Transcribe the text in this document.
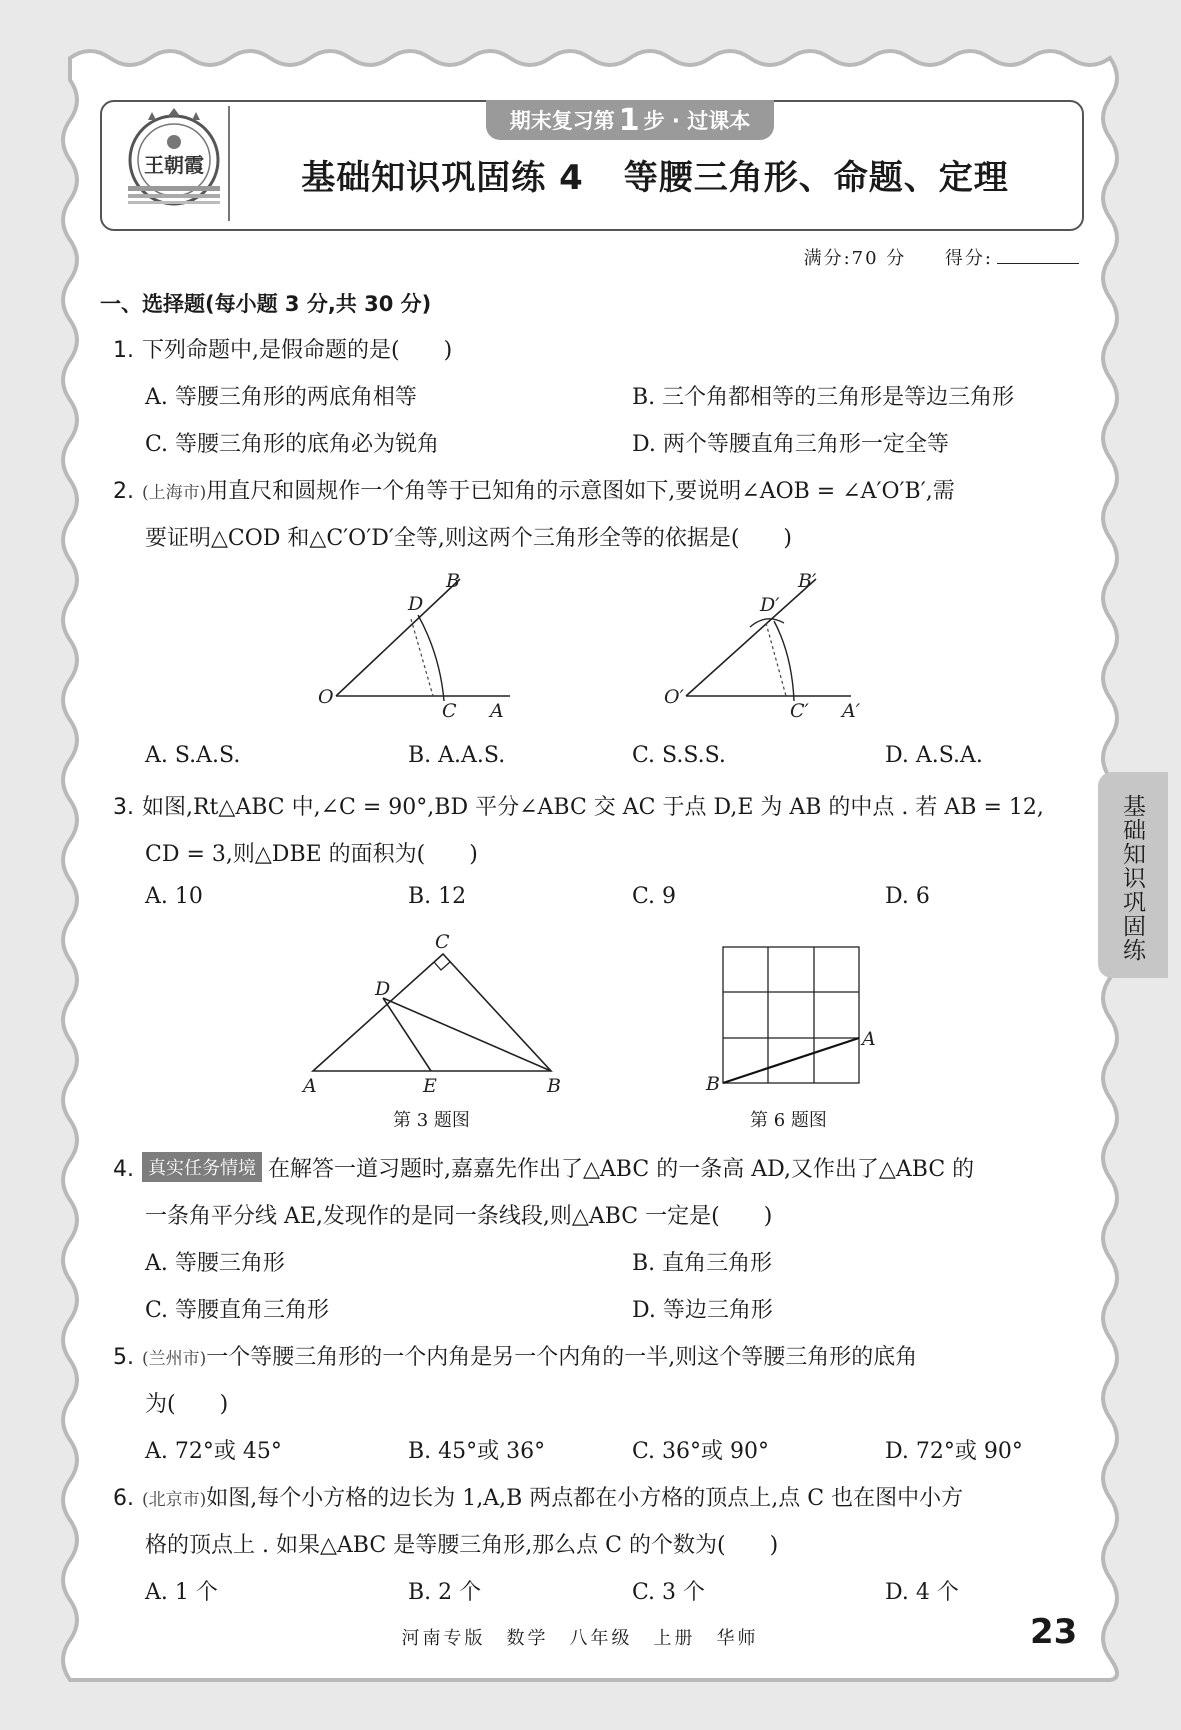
王朝霞
期末复习第 1 步 · 过课本
基础知识巩固练 4 等腰三角形、命题、定理
满分:70 分 得分:
一、选择题(每小题 3 分,共 30 分)
1. 下列命题中,是假命题的是(　　)
A. 等腰三角形的两底角相等	B. 三个角都相等的三角形是等边三角形
C. 等腰三角形的底角必为锐角	D. 两个等腰直角三角形一定全等
2. (上海市)用直尺和圆规作一个角等于已知角的示意图如下,要说明∠AOB = ∠A′O′B′,需
要证明△COD 和△C′O′D′全等,则这两个三角形全等的依据是(　　)
B
D
O
C A
B′
D′
O′
C′ A′
A. S.A.S.	B. A.A.S.	C. S.S.S.	D. A.S.A.
3. 如图,Rt△ABC 中,∠C = 90°,BD 平分∠ABC 交 AC 于点 D,E 为 AB 的中点 . 若 AB = 12,
CD = 3,则△DBE 的面积为(　　)
A. 10	B. 12	C. 9	D. 6
C
D
A	E	B
第 3 题图
A
B
第 6 题图
4. 真实任务情境 在解答一道习题时,嘉嘉先作出了△ABC 的一条高 AD,又作出了△ABC 的
一条角平分线 AE,发现作的是同一条线段,则△ABC 一定是(　　)
A. 等腰三角形	B. 直角三角形
C. 等腰直角三角形	D. 等边三角形
5. (兰州市)一个等腰三角形的一个内角是另一个内角的一半,则这个等腰三角形的底角
为(　　)
A. 72°或 45°	B. 45°或 36°	C. 36°或 90°	D. 72°或 90°
6. (北京市)如图,每个小方格的边长为 1,A,B 两点都在小方格的顶点上,点 C 也在图中小方
格的顶点上 . 如果△ABC 是等腰三角形,那么点 C 的个数为(　　)
A. 1 个	B. 2 个	C. 3 个	D. 4 个
基础知识巩固练
河南专版　数学　八年级　上册　华师	23
